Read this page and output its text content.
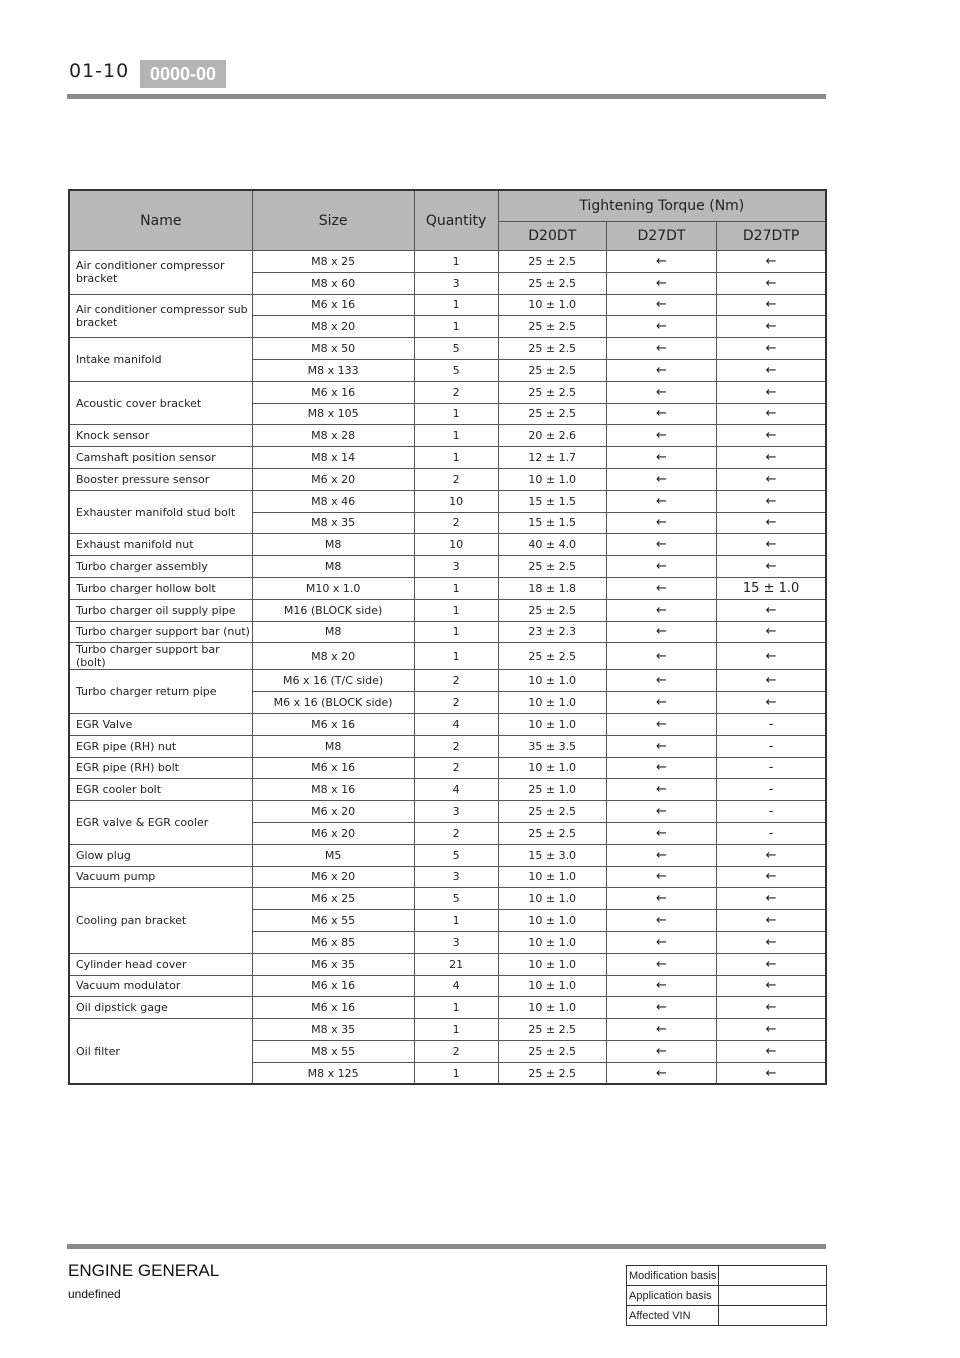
01-10	0000-00
Name	Size	Quantity	Tightening Torque (Nm)		
			D20DT	D27DT	D27DTP
Air conditioner compressor bracket	M8 x 25	1	25 ± 2.5	←	←
	M8 x 60	3	25 ± 2.5	←	←
Air conditioner compressor sub bracket	M6 x 16	1	10 ± 1.0	←	←
	M8 x 20	1	25 ± 2.5	←	←
Intake manifold	M8 x 50	5	25 ± 2.5	←	←
	M8 x 133	5	25 ± 2.5	←	←
Acoustic cover bracket	M6 x 16	2	25 ± 2.5	←	←
	M8 x 105	1	25 ± 2.5	←	←
Knock sensor	M8 x 28	1	20 ± 2.6	←	←
Camshaft position sensor	M8 x 14	1	12 ± 1.7	←	←
Booster pressure sensor	M6 x 20	2	10 ± 1.0	←	←
Exhauster manifold stud bolt	M8 x 46	10	15 ± 1.5	←	←
	M8 x 35	2	15 ± 1.5	←	←
Exhaust manifold nut	M8	10	40 ± 4.0	←	←
Turbo charger assembly	M8	3	25 ± 2.5	←	←
Turbo charger hollow bolt	M10 x 1.0	1	18 ± 1.8	←	15 ± 1.0
Turbo charger oil supply pipe	M16 (BLOCK side)	1	25 ± 2.5	←	←
Turbo charger support bar (nut)	M8	1	23 ± 2.3	←	←
Turbo charger support bar (bolt)	M8 x 20	1	25 ± 2.5	←	←
Turbo charger return pipe	M6 x 16 (T/C side)	2	10 ± 1.0	←	←
	M6 x 16 (BLOCK side)	2	10 ± 1.0	←	←
EGR Valve	M6 x 16	4	10 ± 1.0	←	-
EGR pipe (RH) nut	M8	2	35 ± 3.5	←	-
EGR pipe (RH) bolt	M6 x 16	2	10 ± 1.0	←	-
EGR cooler bolt	M8 x 16	4	25 ± 1.0	←	-
EGR valve & EGR cooler	M6 x 20	3	25 ± 2.5	←	-
	M6 x 20	2	25 ± 2.5	←	-
Glow plug	M5	5	15 ± 3.0	←	←
Vacuum pump	M6 x 20	3	10 ± 1.0	←	←
Cooling pan bracket	M6 x 25	5	10 ± 1.0	←	←
	M6 x 55	1	10 ± 1.0	←	←
	M6 x 85	3	10 ± 1.0	←	←
Cylinder head cover	M6 x 35	21	10 ± 1.0	←	←
Vacuum modulator	M6 x 16	4	10 ± 1.0	←	←
Oil dipstick gage	M6 x 16	1	10 ± 1.0	←	←
Oil filter	M8 x 35	1	25 ± 2.5	←	←
	M8 x 55	2	25 ± 2.5	←	←
	M8 x 125	1	25 ± 2.5	←	←
ENGINE GENERAL
undefined
Modification basis	
Application basis	
Affected VIN	
